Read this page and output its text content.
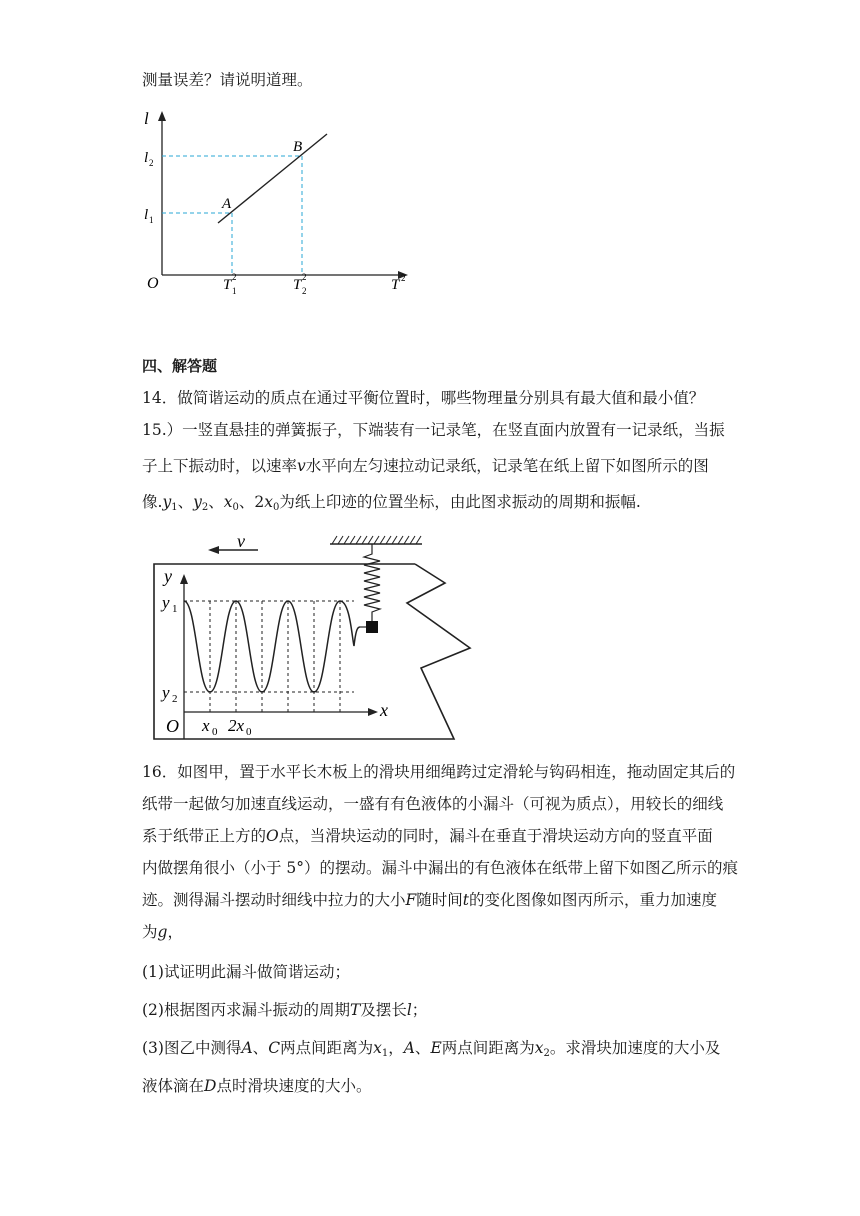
测量误差？请说明道理。
l
l 2
l 1
A
B
O	T 1
2	T 2
2	T 2
四、解答题
14．做简谐运动的质点在通过平衡位置时，哪些物理量分别具有最大值和最小值？
15.）一竖直悬挂的弹簧振子，下端装有一记录笔，在竖直面内放置有一记录纸，当振
子上下振动时，以速率v水平向左匀速拉动记录纸，记录笔在纸上留下如图所示的图
像$.y_1$、$y_2$、$x_0$、$2x_0$为纸上印迹的位置坐标，由此图求振动的周期和振幅.
v
y
y 1
y 2
x
O x 0 2x 0
16．如图甲，置于水平长木板上的滑块用细绳跨过定滑轮与钩码相连，拖动固定其后的
纸带一起做匀加速直线运动，一盛有有色液体的小漏斗（可视为质点），用较长的细线
系于纸带正上方的O点，当滑块运动的同时，漏斗在垂直于滑块运动方向的竖直平面
内做摆角很小（小于 5°）的摆动。漏斗中漏出的有色液体在纸带上留下如图乙所示的痕
迹。测得漏斗摆动时细线中拉力的大小F随时间t的变化图像如图丙所示，重力加速度
为g，
(1)试证明此漏斗做简谐运动；
(2)根据图丙求漏斗振动的周期T及摆长l；
(3)图乙中测得A、C两点间距离为$x_1$，A、E两点间距离为$x_2$。求滑块加速度的大小及
液体滴在D点时滑块速度的大小。
